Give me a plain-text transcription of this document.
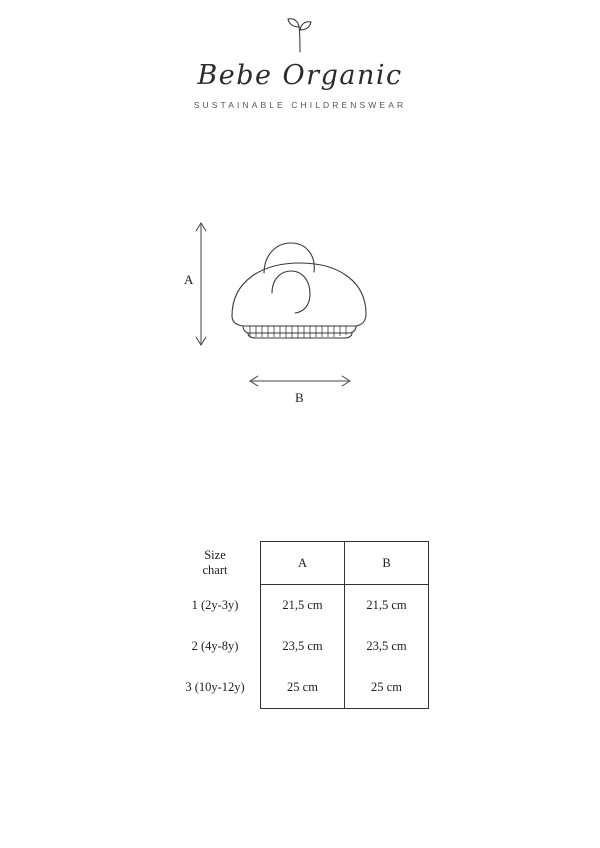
Bebe Organic
SUSTAINABLE CHILDRENSWEAR
A
B
Size
chart	A	B
1 (2y-3y)	21,5 cm	21,5 cm
2 (4y-8y)	23,5 cm	23,5 cm
3 (10y-12y)	25 cm	25 cm
